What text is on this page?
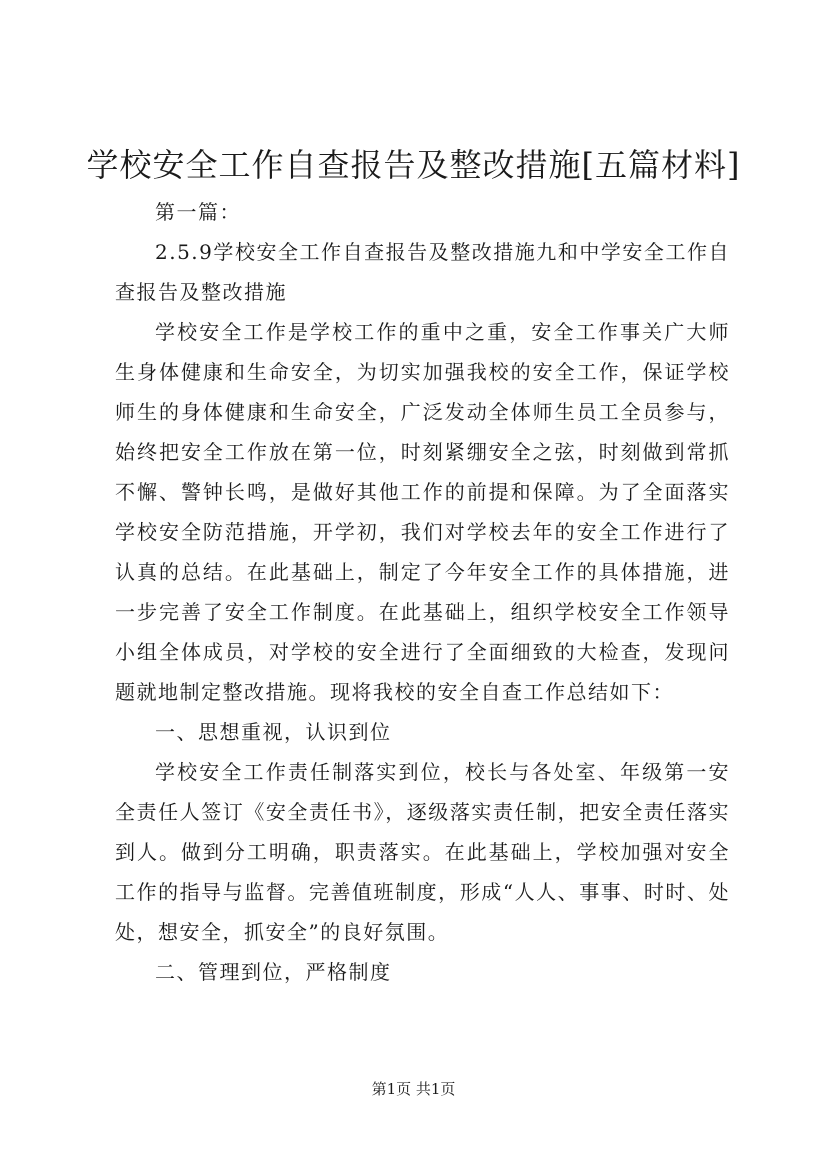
学校安全工作自查报告及整改措施[五篇材料]

第一篇：

2.5.9学校安全工作自查报告及整改措施九和中学安全工作自查报告及整改措施

学校安全工作是学校工作的重中之重，安全工作事关广大师生身体健康和生命安全，为切实加强我校的安全工作，保证学校师生的身体健康和生命安全，广泛发动全体师生员工全员参与，始终把安全工作放在第一位，时刻紧绷安全之弦，时刻做到常抓不懈、警钟长鸣，是做好其他工作的前提和保障。为了全面落实学校安全防范措施，开学初，我们对学校去年的安全工作进行了认真的总结。在此基础上，制定了今年安全工作的具体措施，进一步完善了安全工作制度。在此基础上，组织学校安全工作领导小组全体成员，对学校的安全进行了全面细致的大检查，发现问题就地制定整改措施。现将我校的安全自查工作总结如下：

一、思想重视，认识到位

学校安全工作责任制落实到位，校长与各处室、年级第一安全责任人签订《安全责任书》，逐级落实责任制，把安全责任落实到人。做到分工明确，职责落实。在此基础上，学校加强对安全工作的指导与监督。完善值班制度，形成“人人、事事、时时、处处，想安全，抓安全”的良好氛围。

二、管理到位，严格制度

第1页 共1页
